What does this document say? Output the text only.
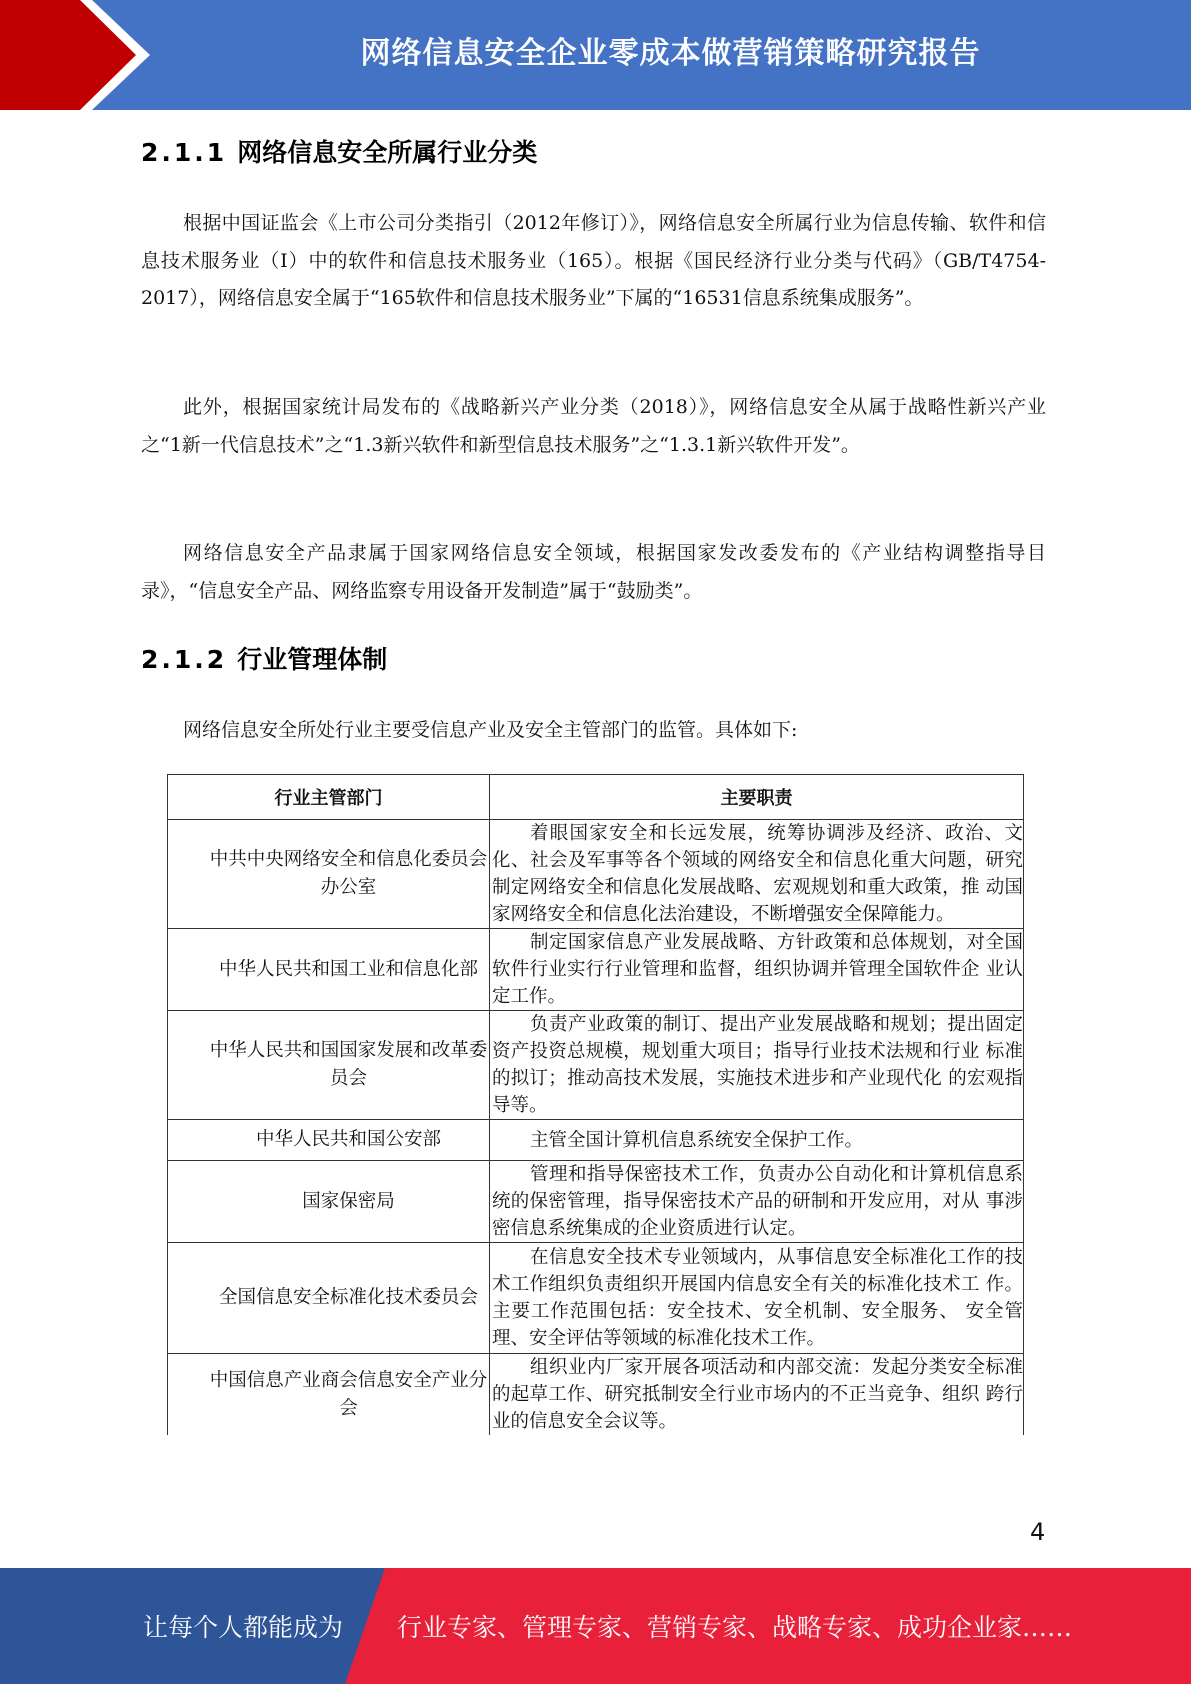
网络信息安全企业零成本做营销策略研究报告
2.1.1 网络信息安全所属行业分类
根据中国证监会《上市公司分类指引（2012年修订）》，网络信息安全所属行业为信息传输、软件和信息技术服务业（I）中的软件和信息技术服务业（165）。根据《国民经济行业分类与代码》（GB/T4754-2017），网络信息安全属于“165软件和信息技术服务业”下属的“16531信息系统集成服务”。
此外，根据国家统计局发布的《战略新兴产业分类（2018）》，网络信息安全从属于战略性新兴产业之“1新一代信息技术”之“1.3新兴软件和新型信息技术服务”之“1.3.1新兴软件开发”。
网络信息安全产品隶属于国家网络信息安全领域，根据国家发改委发布的《产业结构调整指导目录》，“信息安全产品、网络监察专用设备开发制造”属于“鼓励类”。
2.1.2 行业管理体制
网络信息安全所处行业主要受信息产业及安全主管部门的监管。具体如下:
行业主管部门	主要职责
中共中央网络安全和信息化委员会办公室	着眼国家安全和长远发展，统筹协调涉及经济、政治、文化、社会及军事等各个领域的网络安全和信息化重大问题，研究 制定网络安全和信息化发展战略、宏观规划和重大政策，推 动国家网络安全和信息化法治建设，不断增强安全保障能力。
中华人民共和国工业和信息化部	制定国家信息产业发展战略、方针政策和总体规划，对全国软件行业实行行业管理和监督，组织协调并管理全国软件企 业认定工作。
中华人民共和国国家发展和改革委员会	负责产业政策的制订、提出产业发展战略和规划；提出固定资产投资总规模，规划重大项目；指导行业技术法规和行业 标准的拟订；推动高技术发展，实施技术进步和产业现代化 的宏观指导等。
中华人民共和国公安部	主管全国计算机信息系统安全保护工作。
国家保密局	管理和指导保密技术工作，负责办公自动化和计算机信息系统的保密管理，指导保密技术产品的研制和开发应用，对从 事涉密信息系统集成的企业资质进行认定。
全国信息安全标准化技术委员会	在信息安全技术专业领域内，从事信息安全标准化工作的技术工作组织负责组织开展国内信息安全有关的标准化技术工 作。主要工作范围包括：安全技术、安全机制、安全服务、 安全管理、安全评估等领域的标准化技术工作。
中国信息产业商会信息安全产业分会	组织业内厂家开展各项活动和内部交流：发起分类安全标准的起草工作、研究抵制安全行业市场内的不正当竞争、组织 跨行业的信息安全会议等。
4
让每个人都能成为 行业专家、管理专家、营销专家、战略专家、成功企业家……
